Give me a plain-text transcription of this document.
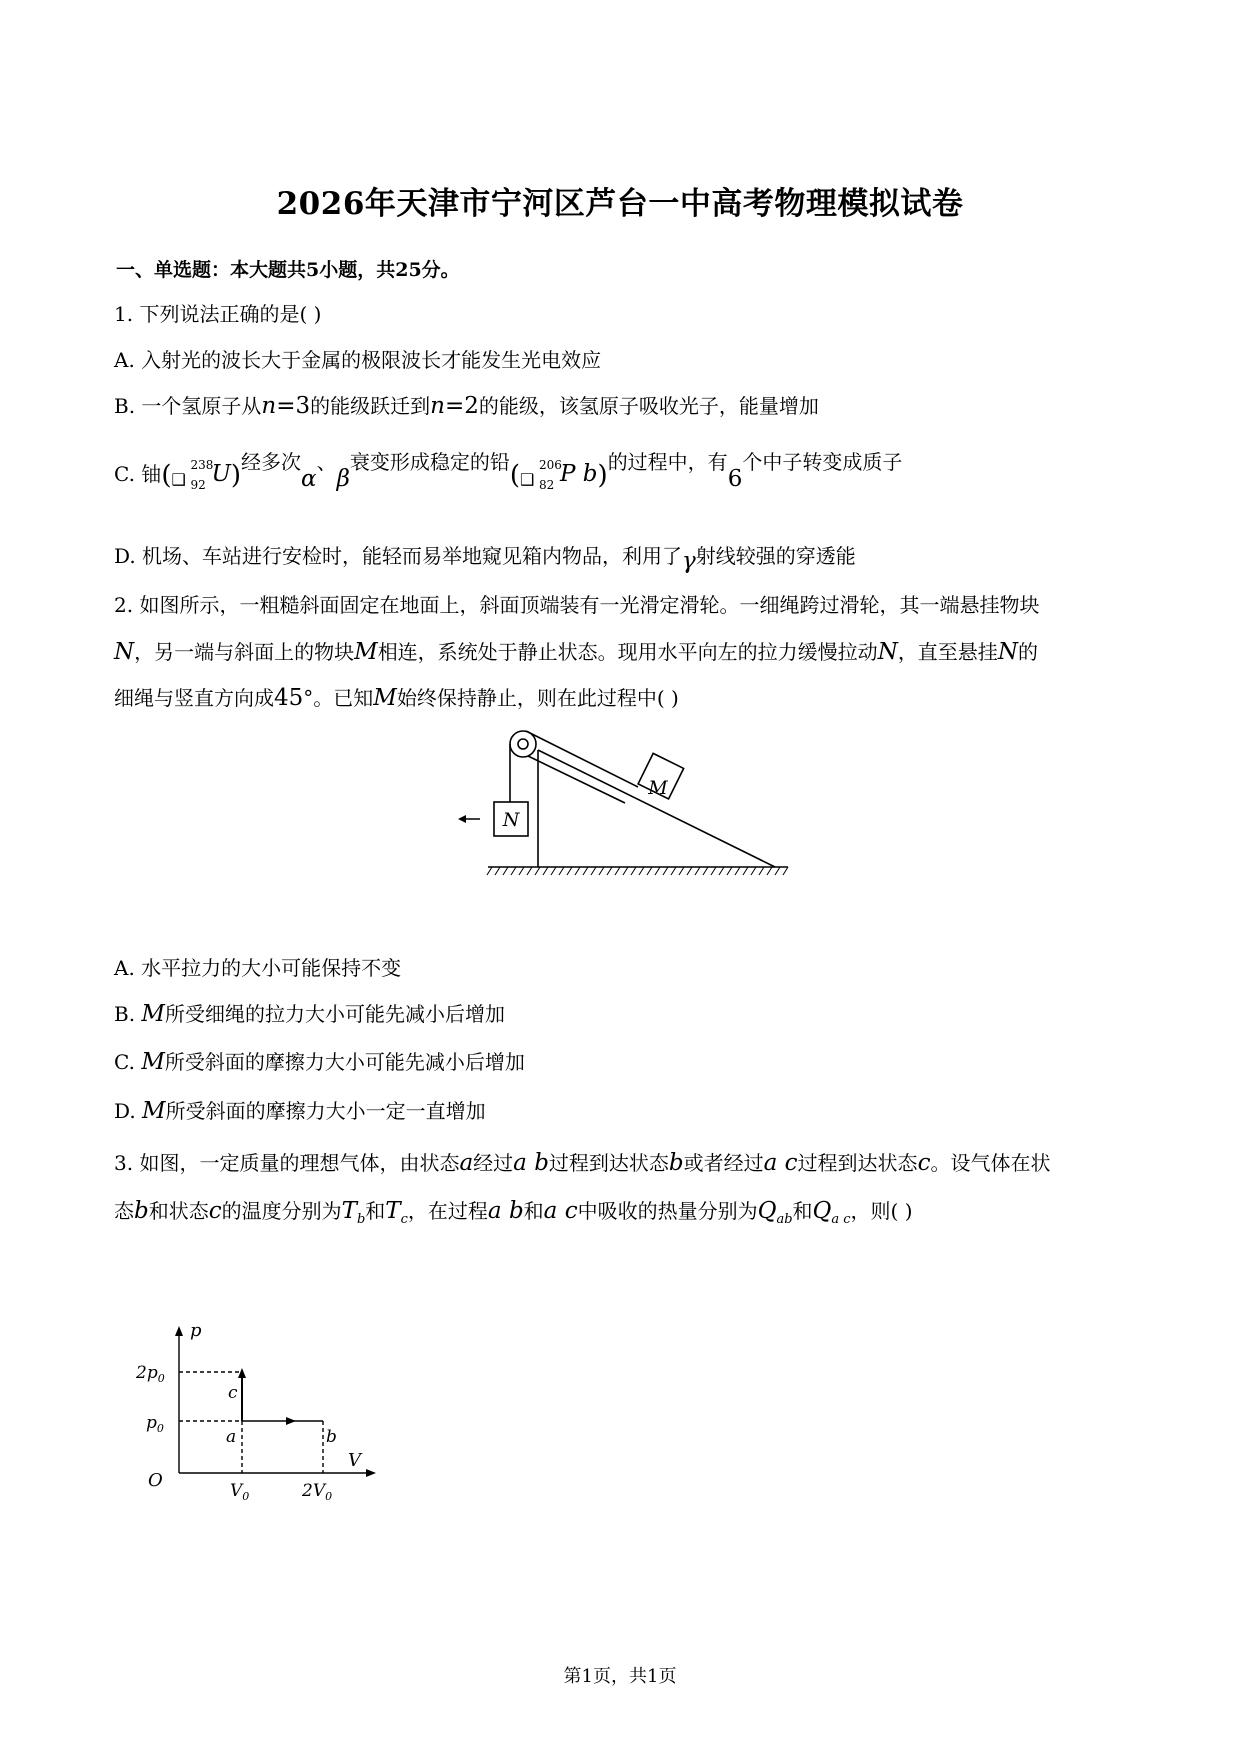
2026年天津市宁河区芦台一中高考物理模拟试卷
一、单选题：本大题共5小题，共25分。
1. 下列说法正确的是( )
A. 入射光的波长大于金属的极限波长才能发生光电效应
B. 一个氢原子从n=3的能级跃迁到n=2的能级，该氢原子吸收光子，能量增加
C. 铀( ❑
238
92 U)经多次α、β衰变形成稳定的铅( ❑
206
82 P b)的过程中，有6个中子转变成质子
D. 机场、车站进行安检时，能轻而易举地窥见箱内物品，利用了γ射线较强的穿透能
2. 如图所示，一粗糙斜面固定在地面上，斜面顶端装有一光滑定滑轮。一细绳跨过滑轮，其一端悬挂物块
N，另一端与斜面上的物块M相连，系统处于静止状态。现用水平向左的拉力缓慢拉动N，直至悬挂N的
细绳与竖直方向成45°。已知M始终保持静止，则在此过程中( )
M
N
A. 水平拉力的大小可能保持不变
B. M所受细绳的拉力大小可能先减小后增加
C. M所受斜面的摩擦力大小可能先减小后增加
D. M所受斜面的摩擦力大小一定一直增加
3. 如图，一定质量的理想气体，由状态a经过a b过程到达状态b或者经过a c过程到达状态c。设气体在状
态b和状态c的温度分别为$T_b$和$T_c$，在过程a b和a c中吸收的热量分别为$Q_{ab}$和$Q_{a c}$，则( )
p
V
O
$2p_0$
$p_0$
$V_0$	$2V_0$
a	b
c
第1页，共1页
